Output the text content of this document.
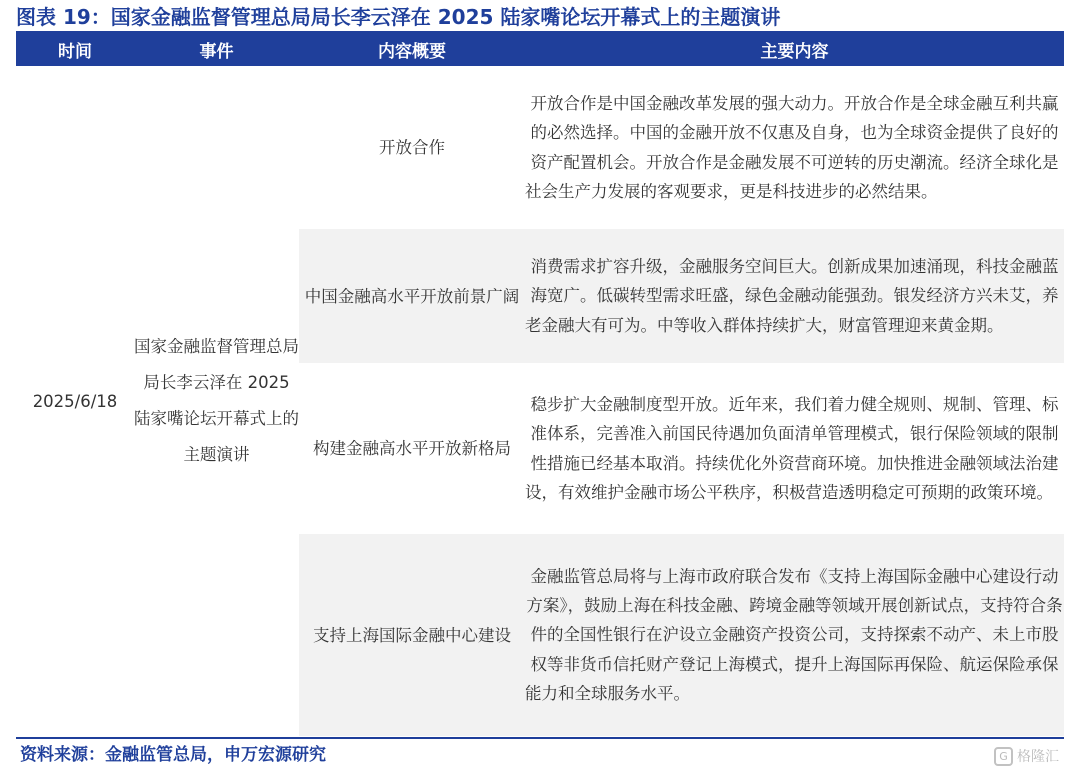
图表 19：国家金融监督管理总局局长李云泽在 2025 陆家嘴论坛开幕式上的主题演讲
时间	事件	内容概要	主要内容
2025/6/18	国家金融监督管理总局局长李云泽在 2025 陆家嘴论坛开幕式上的主题演讲	开放合作	开放合作是中国金融改革发展的强大动力。开放合作是全球金融互利共赢的必然选择。中国的金融开放不仅惠及自身，也为全球资金提供了良好的资产配置机会。开放合作是金融发展不可逆转的历史潮流。经济全球化是社会生产力发展的客观要求，更是科技进步的必然结果。
		中国金融高水平开放前景广阔	消费需求扩容升级，金融服务空间巨大。创新成果加速涌现，科技金融蓝海宽广。低碳转型需求旺盛，绿色金融动能强劲。银发经济方兴未艾，养老金融大有可为。中等收入群体持续扩大，财富管理迎来黄金期。
		构建金融高水平开放新格局	稳步扩大金融制度型开放。近年来，我们着力健全规则、规制、管理、标准体系，完善准入前国民待遇加负面清单管理模式，银行保险领域的限制性措施已经基本取消。持续优化外资营商环境。加快推进金融领域法治建设，有效维护金融市场公平秩序，积极营造透明稳定可预期的政策环境。
		支持上海国际金融中心建设	金融监管总局将与上海市政府联合发布《支持上海国际金融中心建设行动方案》，鼓励上海在科技金融、跨境金融等领域开展创新试点，支持符合条件的全国性银行在沪设立金融资产投资公司，支持探索不动产、未上市股权等非货币信托财产登记上海模式，提升上海国际再保险、航运保险承保能力和全球服务水平。
资料来源：金融监管总局，申万宏源研究	G 格隆汇
